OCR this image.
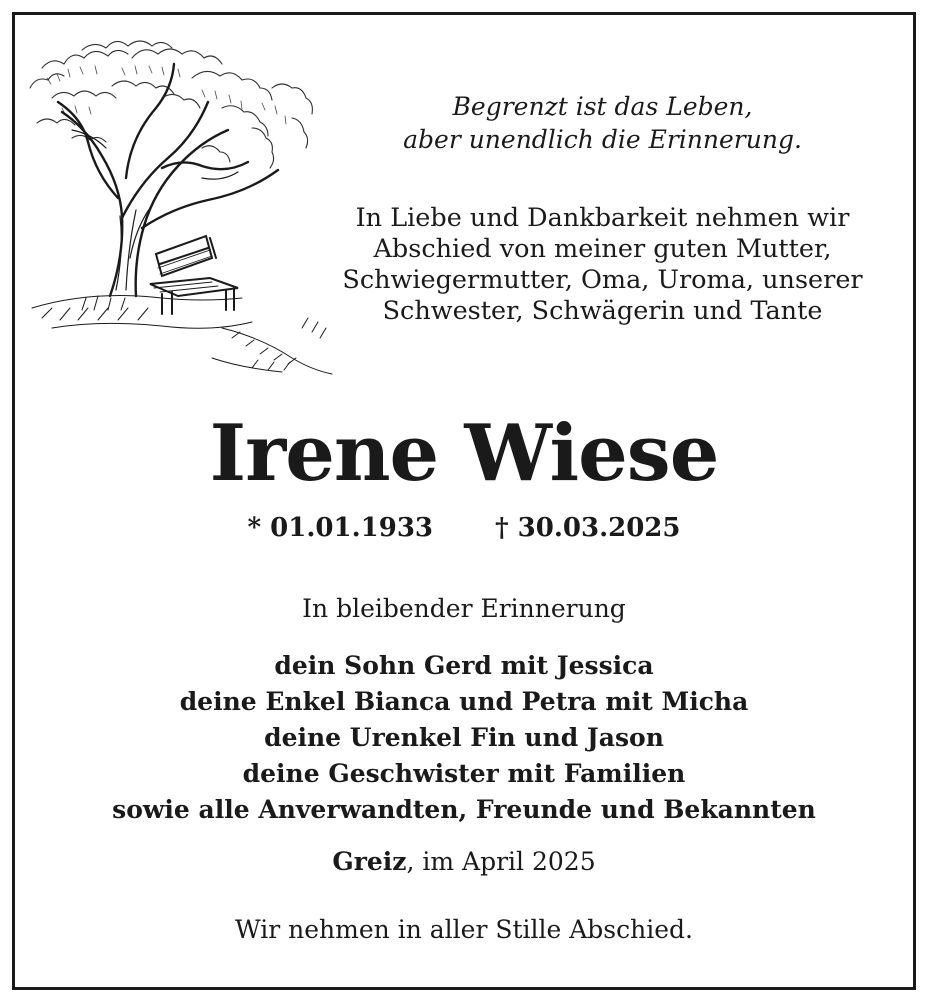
Begrenzt ist das Leben,
aber unendlich die Erinnerung.
In Liebe und Dankbarkeit nehmen wir
Abschied von meiner guten Mutter,
Schwiegermutter, Oma, Uroma, unserer
Schwester, Schwägerin und Tante
Irene Wiese
* 01.01.1933 † 30.03.2025
In bleibender Erinnerung
dein Sohn Gerd mit Jessica
deine Enkel Bianca und Petra mit Micha
deine Urenkel Fin und Jason
deine Geschwister mit Familien
sowie alle Anverwandten, Freunde und Bekannten
Greiz, im April 2025
Wir nehmen in aller Stille Abschied.
